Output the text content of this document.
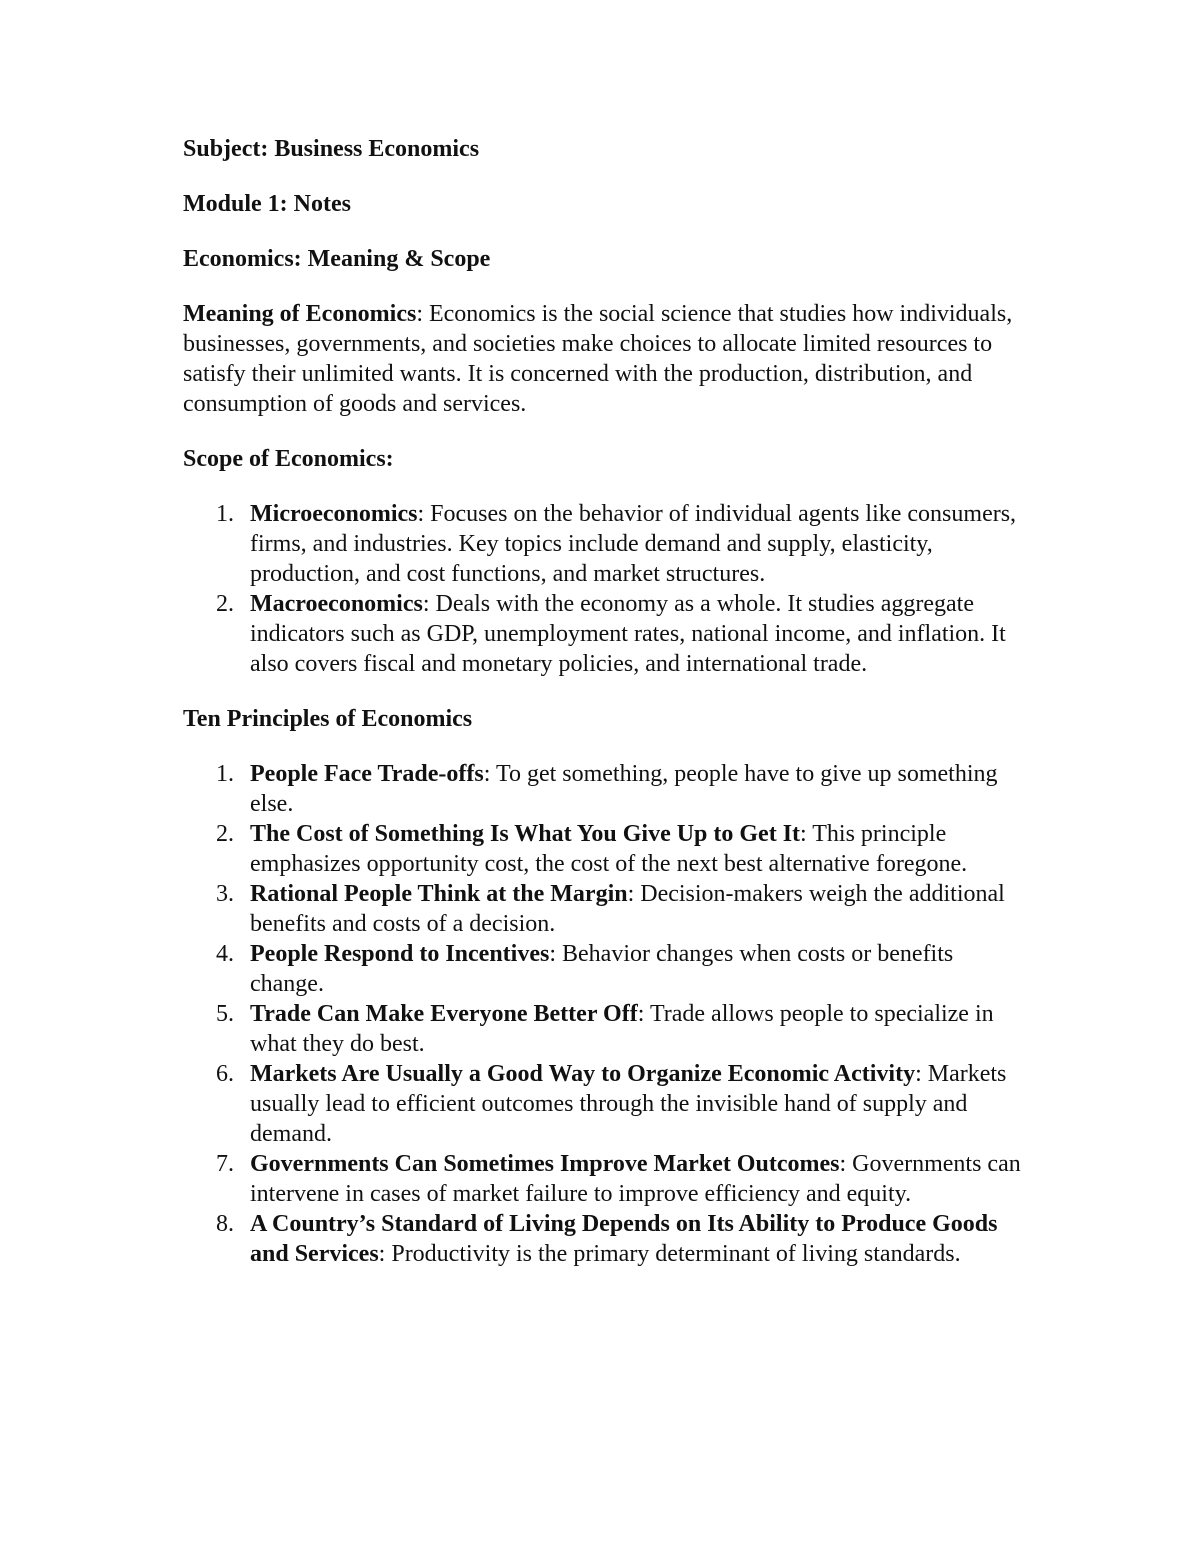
Subject: Business Economics

Module 1: Notes

Economics: Meaning & Scope

Meaning of Economics: Economics is the social science that studies how individuals, businesses, governments, and societies make choices to allocate limited resources to satisfy their unlimited wants. It is concerned with the production, distribution, and consumption of goods and services.

Scope of Economics:

1. Microeconomics: Focuses on the behavior of individual agents like consumers, firms, and industries. Key topics include demand and supply, elasticity, production, and cost functions, and market structures.
2. Macroeconomics: Deals with the economy as a whole. It studies aggregate indicators such as GDP, unemployment rates, national income, and inflation. It also covers fiscal and monetary policies, and international trade.

Ten Principles of Economics

1. People Face Trade-offs: To get something, people have to give up something else.
2. The Cost of Something Is What You Give Up to Get It: This principle emphasizes opportunity cost, the cost of the next best alternative foregone.
3. Rational People Think at the Margin: Decision-makers weigh the additional benefits and costs of a decision.
4. People Respond to Incentives: Behavior changes when costs or benefits change.
5. Trade Can Make Everyone Better Off: Trade allows people to specialize in what they do best.
6. Markets Are Usually a Good Way to Organize Economic Activity: Markets usually lead to efficient outcomes through the invisible hand of supply and demand.
7. Governments Can Sometimes Improve Market Outcomes: Governments can intervene in cases of market failure to improve efficiency and equity.
8. A Country’s Standard of Living Depends on Its Ability to Produce Goods and Services: Productivity is the primary determinant of living standards.
